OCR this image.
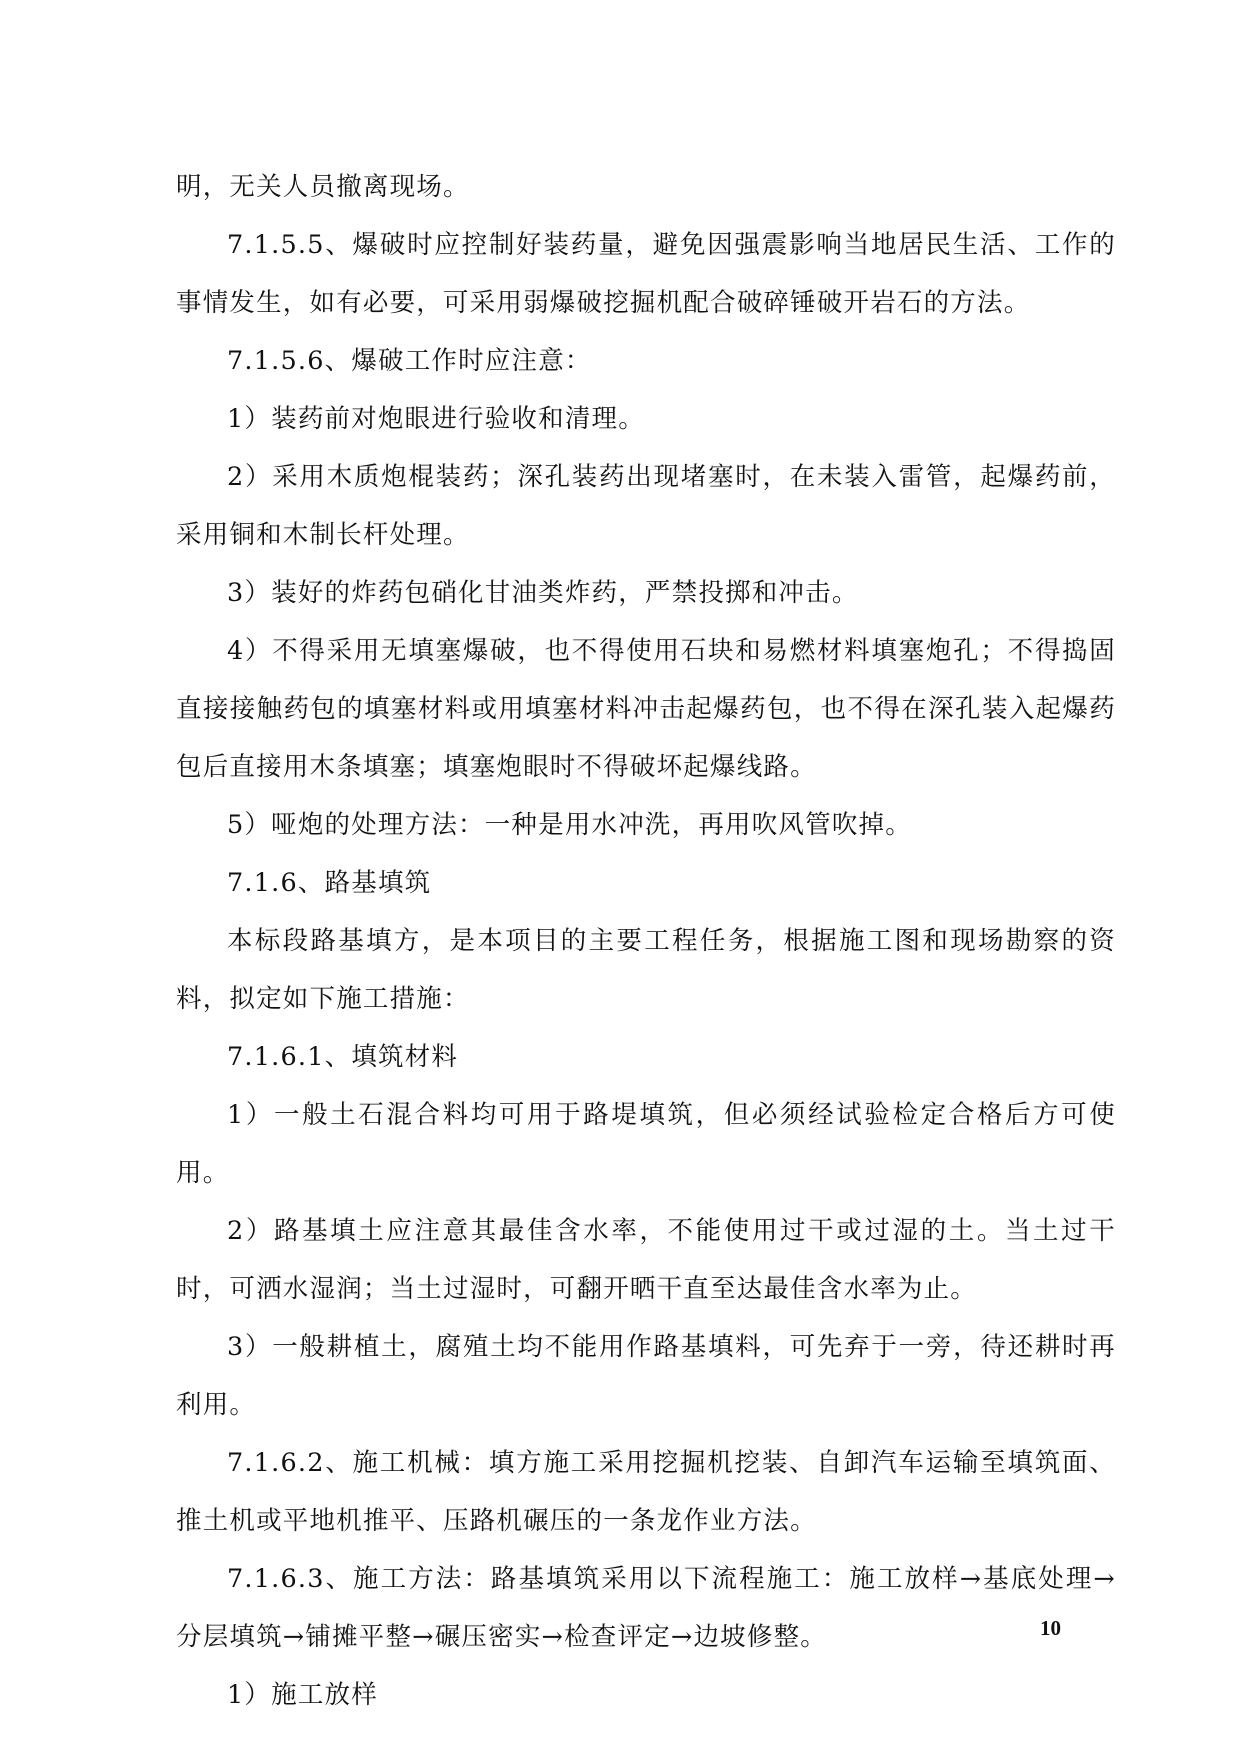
明，无关人员撤离现场。

7.1.5.5、爆破时应控制好装药量，避免因强震影响当地居民生活、工作的事情发生，如有必要，可采用弱爆破挖掘机配合破碎锤破开岩石的方法。

7.1.5.6、爆破工作时应注意：

1）装药前对炮眼进行验收和清理。

2）采用木质炮棍装药；深孔装药出现堵塞时，在未装入雷管，起爆药前，采用铜和木制长杆处理。

3）装好的炸药包硝化甘油类炸药，严禁投掷和冲击。

4）不得采用无填塞爆破，也不得使用石块和易燃材料填塞炮孔；不得捣固直接接触药包的填塞材料或用填塞材料冲击起爆药包，也不得在深孔装入起爆药包后直接用木条填塞；填塞炮眼时不得破坏起爆线路。

5）哑炮的处理方法：一种是用水冲洗，再用吹风管吹掉。

7.1.6、路基填筑

本标段路基填方，是本项目的主要工程任务，根据施工图和现场勘察的资料，拟定如下施工措施：

7.1.6.1、填筑材料

1）一般土石混合料均可用于路堤填筑，但必须经试验检定合格后方可使用。

2）路基填土应注意其最佳含水率，不能使用过干或过湿的土。当土过干时，可洒水湿润；当土过湿时，可翻开晒干直至达最佳含水率为止。

3）一般耕植土，腐殖土均不能用作路基填料，可先弃于一旁，待还耕时再利用。

7.1.6.2、施工机械：填方施工采用挖掘机挖装、自卸汽车运输至填筑面、推土机或平地机推平、压路机碾压的一条龙作业方法。

7.1.6.3、施工方法：路基填筑采用以下流程施工：施工放样→基底处理→分层填筑→铺摊平整→碾压密实→检查评定→边坡修整。

1）施工放样

10
